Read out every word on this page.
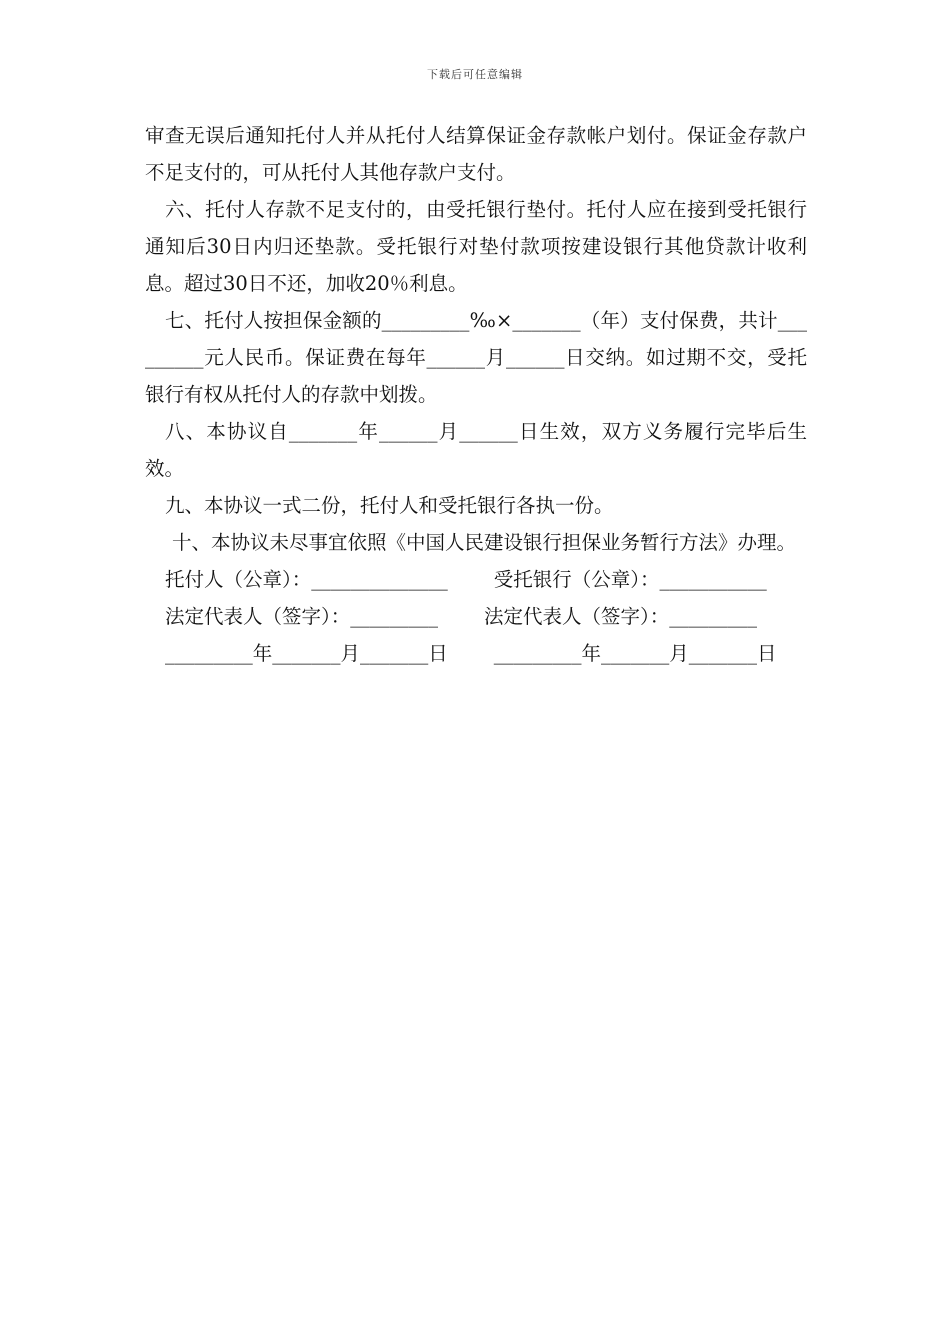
下载后可任意编辑

审查无误后通知托付人并从托付人结算保证金存款帐户划付。保证金存款户不足支付的，可从托付人其他存款户支付。

六、托付人存款不足支付的，由受托银行垫付。托付人应在接到受托银行通知后30日内归还垫款。受托银行对垫付款项按建设银行其他贷款计收利息。超过30日不还，加收20％利息。

七、托付人按担保金额的_________‰×_______（年）支付保费，共计_________元人民币。保证费在每年______月______日交纳。如过期不交，受托银行有权从托付人的存款中划拨。

八、本协议自_______年______月______日生效，双方义务履行完毕后生效。

九、本协议一式二份，托付人和受托银行各执一份。

十、本协议未尽事宜依照《中国人民建设银行担保业务暂行方法》办理。

托付人（公章）：______________ 受托银行（公章）：___________

法定代表人（签字）：_________ 法定代表人（签字）：_________

_________年_______月_______日 _________年_______月_______日
